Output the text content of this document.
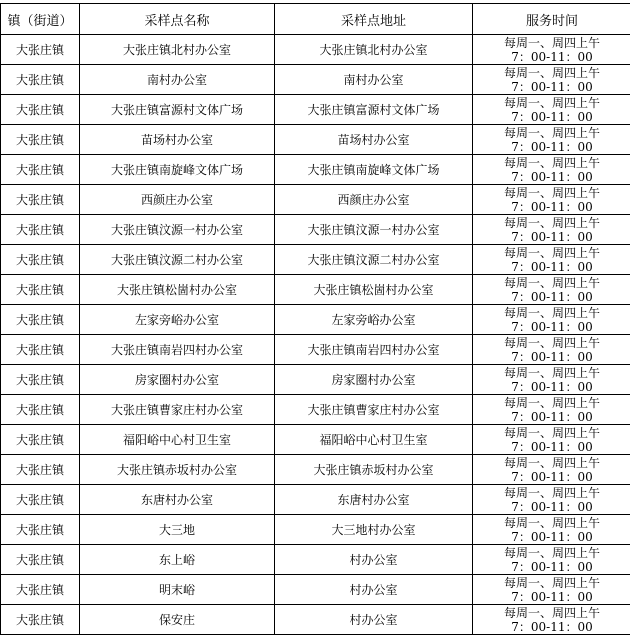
镇（街道）	采样点名称	采样点地址	服务时间
大张庄镇	大张庄镇北村办公室	大张庄镇北村办公室	每周一、周四上午
7：00-11：00

大张庄镇	南村办公室	南村办公室	每周一、周四上午
7：00-11：00

大张庄镇	大张庄镇富源村文体广场	大张庄镇富源村文体广场	每周一、周四上午
7：00-11：00

大张庄镇	苗场村办公室	苗场村办公室	每周一、周四上午
7：00-11：00

大张庄镇	大张庄镇南旋峰文体广场	大张庄镇南旋峰文体广场	每周一、周四上午
7：00-11：00

大张庄镇	西颜庄办公室	西颜庄办公室	每周一、周四上午
7：00-11：00

大张庄镇	大张庄镇汶源一村办公室	大张庄镇汶源一村办公室	每周一、周四上午
7：00-11：00

大张庄镇	大张庄镇汶源二村办公室	大张庄镇汶源二村办公室	每周一、周四上午
7：00-11：00

大张庄镇	大张庄镇松崮村办公室	大张庄镇松崮村办公室	每周一、周四上午
7：00-11：00

大张庄镇	左家旁峪办公室	左家旁峪办公室	每周一、周四上午
7：00-11：00

大张庄镇	大张庄镇南岩四村办公室	大张庄镇南岩四村办公室	每周一、周四上午
7：00-11：00

大张庄镇	房家圈村办公室	房家圈村办公室	每周一、周四上午
7：00-11：00

大张庄镇	大张庄镇曹家庄村办公室	大张庄镇曹家庄村办公室	每周一、周四上午
7：00-11：00

大张庄镇	福阳峪中心村卫生室	福阳峪中心村卫生室	每周一、周四上午
7：00-11：00

大张庄镇	大张庄镇赤坂村办公室	大张庄镇赤坂村办公室	每周一、周四上午
7：00-11：00

大张庄镇	东唐村办公室	东唐村办公室	每周一、周四上午
7：00-11：00

大张庄镇	大三地	大三地村办公室	每周一、周四上午
7：00-11：00

大张庄镇	东上峪	村办公室	每周一、周四上午
7：00-11：00

大张庄镇	明末峪	村办公室	每周一、周四上午
7：00-11：00

大张庄镇	保安庄	村办公室	每周一、周四上午
7：00-11：00
